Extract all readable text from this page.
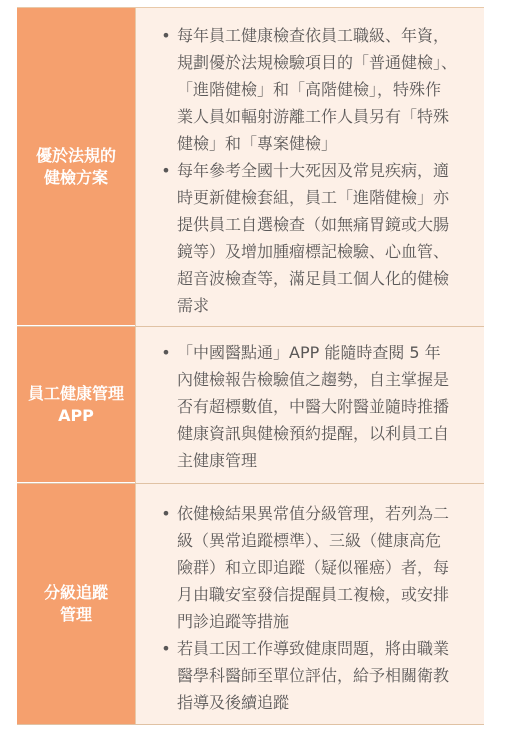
優於法規的
健檢方案
• 每年員工健康檢查依員工職級、年資，
規劃優於法規檢驗項目的「普通健檢」、
「進階健檢」和「高階健檢」，特殊作
業人員如輻射游離工作人員另有「特殊
健檢」和「專案健檢」
• 每年參考全國十大死因及常見疾病，適
時更新健檢套組，員工「進階健檢」亦
提供員工自選檢查（如無痛胃鏡或大腸
鏡等）及增加腫瘤標記檢驗、心血管、
超音波檢查等，滿足員工個人化的健檢
需求
員工健康管理
APP
• 「中國醫點通」APP 能隨時查閱 5 年
內健檢報告檢驗值之趨勢，自主掌握是
否有超標數值，中醫大附醫並隨時推播
健康資訊與健檢預約提醒，以利員工自
主健康管理
分級追蹤
管理
• 依健檢結果異常值分級管理，若列為二
級（異常追蹤標準）、三級（健康高危
險群）和立即追蹤（疑似罹癌）者，每
月由職安室發信提醒員工複檢，或安排
門診追蹤等措施
• 若員工因工作導致健康問題，將由職業
醫學科醫師至單位評估，給予相關衛教
指導及後續追蹤
